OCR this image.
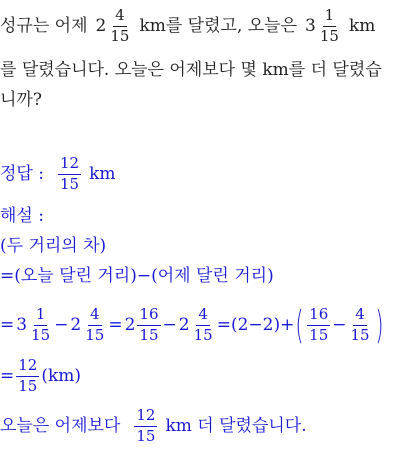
성규는 어제 $2 \frac{4}{15}$ km를 달렸고, 오늘은 $3 \frac{1}{15}$ km
를 달렸습니다. 오늘은 어제보다 몇 km를 더 달렸습
니까?
정답 : $\frac{12}{15}$ km
해설 :
(두 거리의 차)
=(오늘 달린 거리)−(어제 달린 거리)
= $3 \frac{1}{15} - 2 \frac{4}{15} = 2 \frac{16}{15} - 2 \frac{4}{15} = (2-2)+$ ( $\frac{16}{15} - \frac{4}{15}$ )
= $\frac{12}{15} (km)$
오늘은 어제보다 $\frac{12}{15}$ km 더 달렸습니다.
